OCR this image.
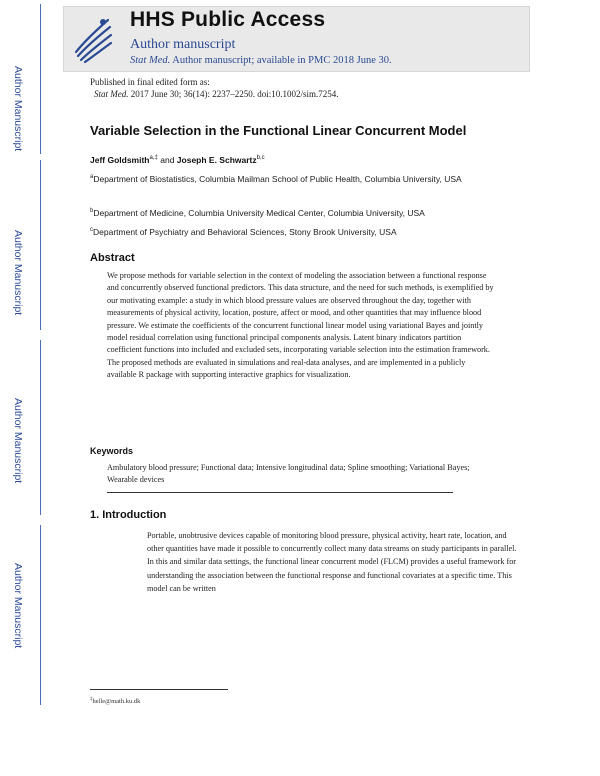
HHS Public Access
Author manuscript
Stat Med. Author manuscript; available in PMC 2018 June 30.
Author Manuscript
Author Manuscript
Author Manuscript
Author Manuscript
Published in final edited form as:
Stat Med. 2017 June 30; 36(14): 2237–2250. doi:10.1002/sim.7254.
Variable Selection in the Functional Linear Concurrent Model
Jeff Goldsmith$^{a,\ddagger}$ and Joseph E. Schwartz$^{b,c}$
$^a$Department of Biostatistics, Columbia Mailman School of Public Health, Columbia University, USA
$^b$Department of Medicine, Columbia University Medical Center, Columbia University, USA
$^c$Department of Psychiatry and Behavioral Sciences, Stony Brook University, USA
Abstract
We propose methods for variable selection in the context of modeling the association between a functional response and concurrently observed functional predictors. This data structure, and the need for such methods, is exemplified by our motivating example: a study in which blood pressure values are observed throughout the day, together with measurements of physical activity, location, posture, affect or mood, and other quantities that may influence blood pressure. We estimate the coefficients of the concurrent functional linear model using variational Bayes and jointly model residual correlation using functional principal components analysis. Latent binary indicators partition coefficient functions into included and excluded sets, incorporating variable selection into the estimation framework. The proposed methods are evaluated in simulations and real-data analyses, and are implemented in a publicly available R package with supporting interactive graphics for visualization.
Keywords
Ambulatory blood pressure; Functional data; Intensive longitudinal data; Spline smoothing; Variational Bayes; Wearable devices
1. Introduction
Portable, unobtrusive devices capable of monitoring blood pressure, physical activity, heart rate, location, and other quantities have made it possible to concurrently collect many data streams on study participants in parallel. In this and similar data settings, the functional linear concurrent model (FLCM) provides a useful framework for understanding the association between the functional response and functional covariates at a specific time. This model can be written
‡helle@math.ku.dk
